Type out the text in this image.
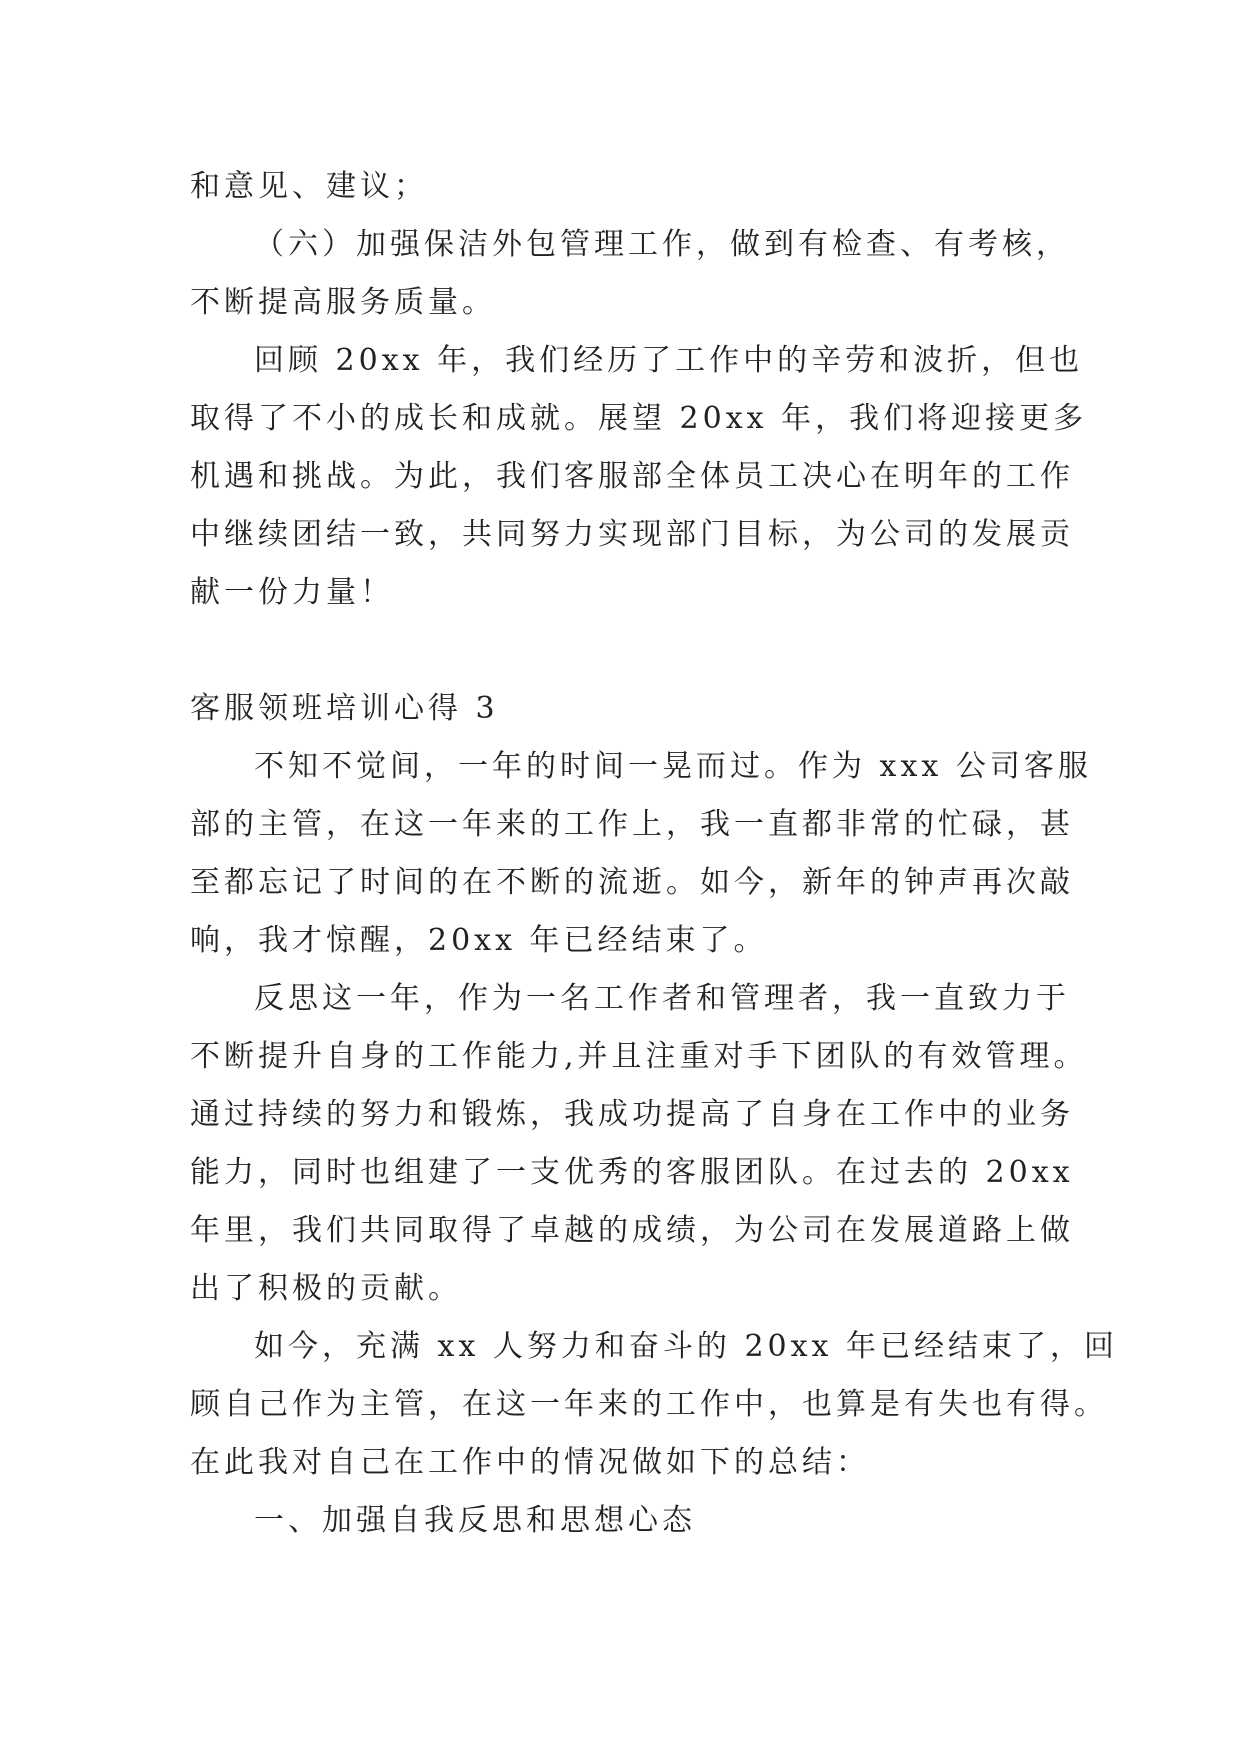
和意见、建议；
（六）加强保洁外包管理工作，做到有检查、有考核，
不断提高服务质量。
回顾 20xx 年，我们经历了工作中的辛劳和波折，但也
取得了不小的成长和成就。展望 20xx 年，我们将迎接更多
机遇和挑战。为此，我们客服部全体员工决心在明年的工作
中继续团结一致，共同努力实现部门目标，为公司的发展贡
献一份力量！
客服领班培训心得 3
不知不觉间，一年的时间一晃而过。作为 xxx 公司客服
部的主管，在这一年来的工作上，我一直都非常的忙碌，甚
至都忘记了时间的在不断的流逝。如今，新年的钟声再次敲
响，我才惊醒，20xx 年已经结束了。
反思这一年，作为一名工作者和管理者，我一直致力于
不断提升自身的工作能力,并且注重对手下团队的有效管理。
通过持续的努力和锻炼，我成功提高了自身在工作中的业务
能力，同时也组建了一支优秀的客服团队。在过去的 20xx
年里，我们共同取得了卓越的成绩，为公司在发展道路上做
出了积极的贡献。
如今，充满 xx 人努力和奋斗的 20xx 年已经结束了，回
顾自己作为主管，在这一年来的工作中，也算是有失也有得。
在此我对自己在工作中的情况做如下的总结：
一、加强自我反思和思想心态
